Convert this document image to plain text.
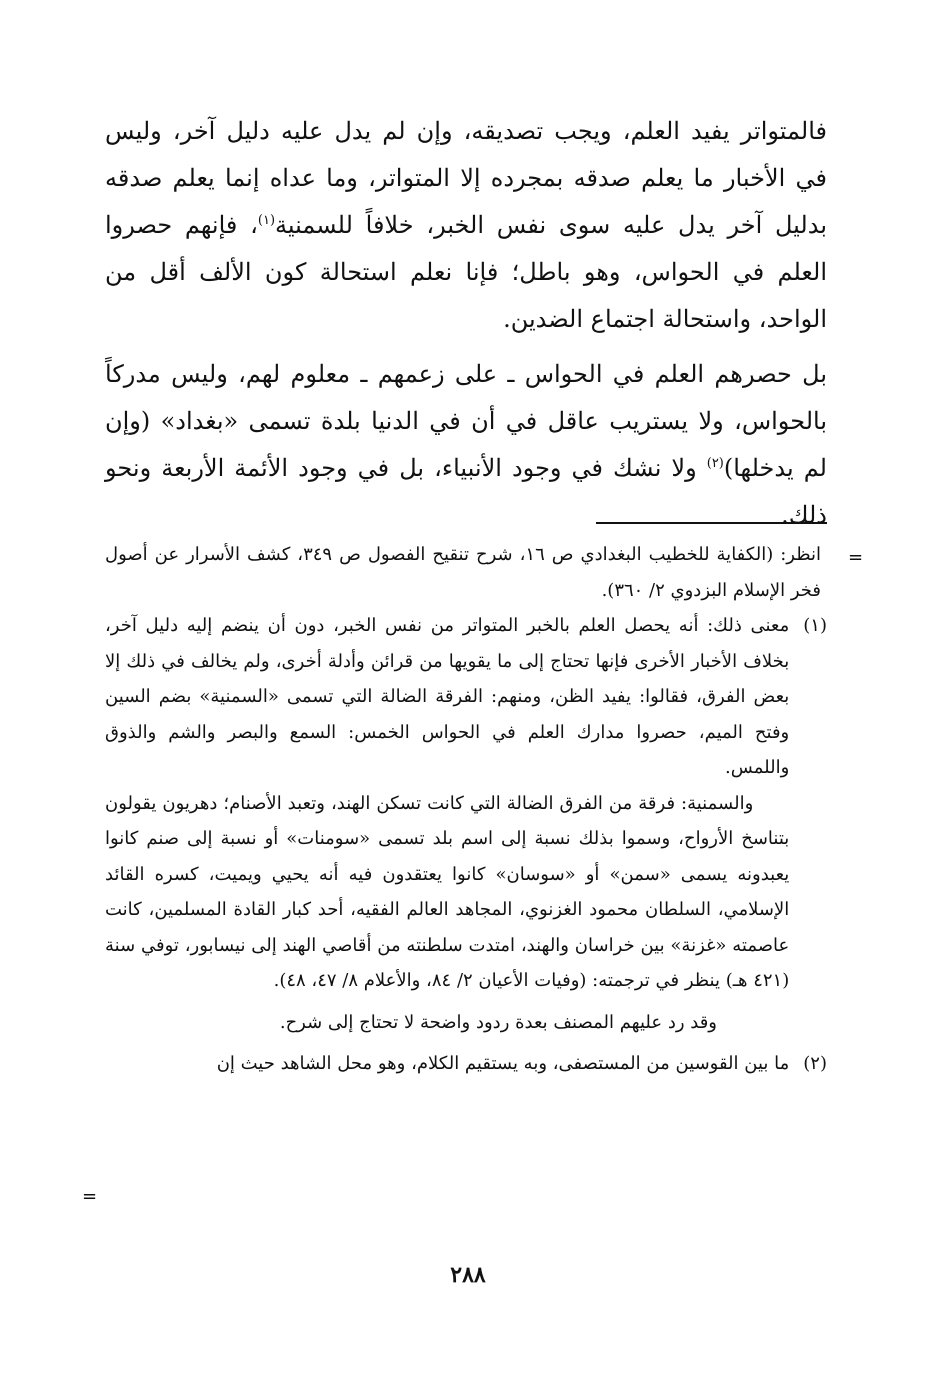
فالمتواتر يفيد العلم، ويجب تصديقه، وإن لم يدل عليه دليل آخر، وليس في الأخبار ما يعلم صدقه بمجرده إلا المتواتر، وما عداه إنما يعلم صدقه بدليل آخر يدل عليه سوى نفس الخبر، خلافاً للسمنية$^{(١)}$، فإنهم حصروا العلم في الحواس، وهو باطل؛ فإنا نعلم استحالة كون الألف أقل من الواحد، واستحالة اجتماع الضدين.

بل حصرهم العلم في الحواس ـ على زعمهم ـ معلوم لهم، وليس مدركاً بالحواس، ولا يستريب عاقل في أن في الدنيا بلدة تسمى «بغداد» (وإن لم يدخلها)$^{(٢)}$ ولا نشك في وجود الأنبياء، بل في وجود الأئمة الأربعة ونحو ذلك.

=

انظر: (الكفاية للخطيب البغدادي ص ١٦، شرح تنقيح الفصول ص ٣٤٩، كشف الأسرار عن أصول فخر الإسلام البزدوي ٢/ ٣٦٠).

(١)

معنى ذلك: أنه يحصل العلم بالخبر المتواتر من نفس الخبر، دون أن ينضم إليه دليل آخر، بخلاف الأخبار الأخرى فإنها تحتاج إلى ما يقويها من قرائن وأدلة أخرى، ولم يخالف في ذلك إلا بعض الفرق، فقالوا: يفيد الظن، ومنهم: الفرقة الضالة التي تسمى «السمنية» بضم السين وفتح الميم، حصروا مدارك العلم في الحواس الخمس: السمع والبصر والشم والذوق واللمس.

والسمنية: فرقة من الفرق الضالة التي كانت تسكن الهند، وتعبد الأصنام؛ دهريون يقولون بتناسخ الأرواح، وسموا بذلك نسبة إلى اسم بلد تسمى «سومنات» أو نسبة إلى صنم كانوا يعبدونه يسمى «سمن» أو «سوسان» كانوا يعتقدون فيه أنه يحيي ويميت، كسره القائد الإسلامي، السلطان محمود الغزنوي، المجاهد العالم الفقيه، أحد كبار القادة المسلمين، كانت عاصمته «غزنة» بين خراسان والهند، امتدت سلطنته من أقاصي الهند إلى نيسابور، توفي سنة (٤٢١ هـ) ينظر في ترجمته: (وفيات الأعيان ٢/ ٨٤، والأعلام ٨/ ٤٧، ٤٨).

وقد رد عليهم المصنف بعدة ردود واضحة لا تحتاج إلى شرح.

(٢)
ما بين القوسين من المستصفى، وبه يستقيم الكلام، وهو محل الشاهد حيث إن
=
٢٨٨
